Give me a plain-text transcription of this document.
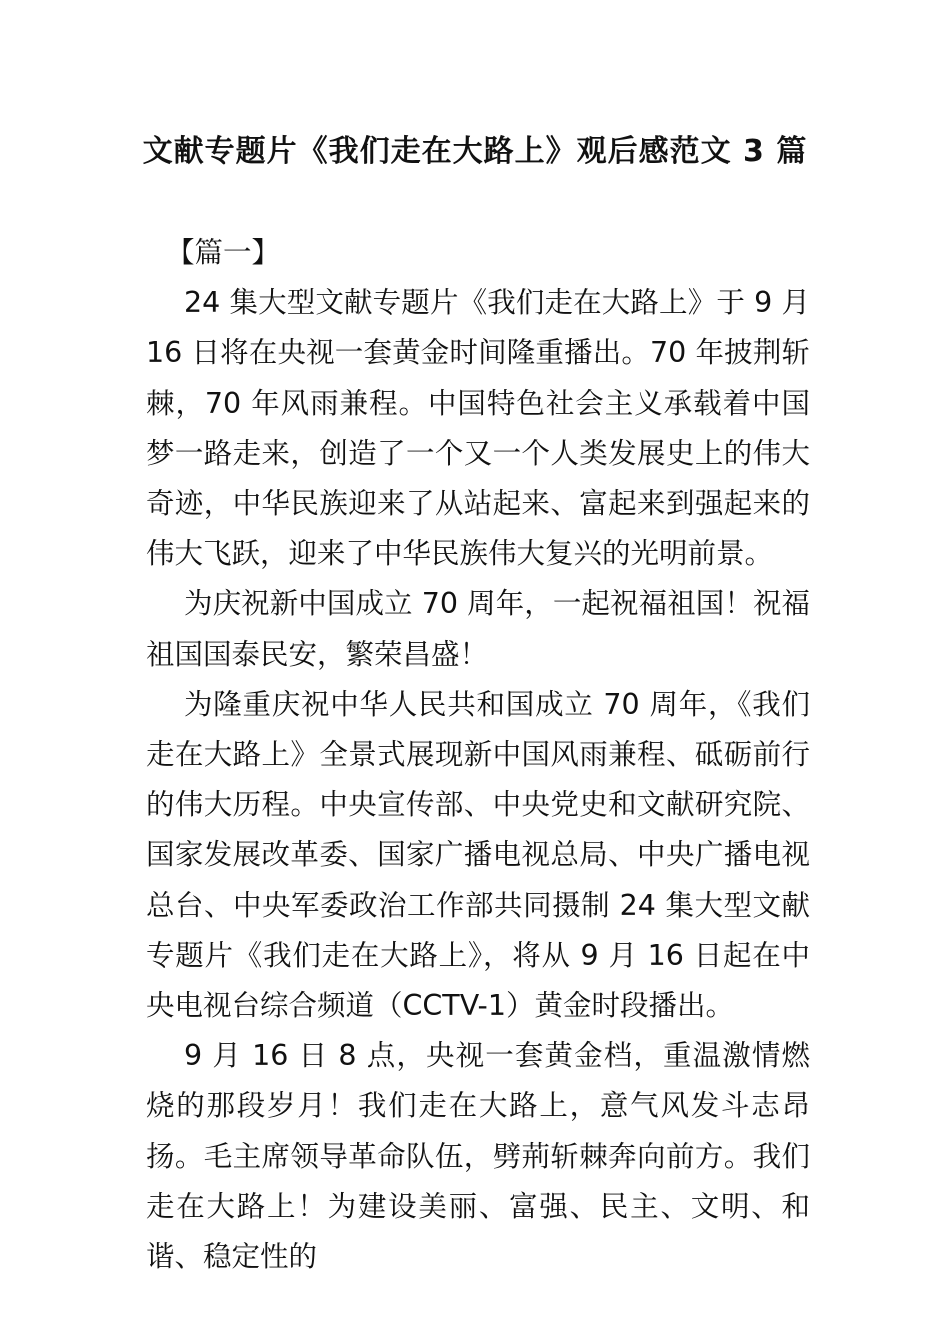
文献专题片《我们走在大路上》观后感范文 3 篇

【篇一】

24 集大型文献专题片《我们走在大路上》于 9 月 16 日将在央视一套黄金时间隆重播出。70 年披荆斩棘，70 年风雨兼程。中国特色社会主义承载着中国梦一路走来，创造了一个又一个人类发展史上的伟大奇迹，中华民族迎来了从站起来、富起来到强起来的伟大飞跃，迎来了中华民族伟大复兴的光明前景。

为庆祝新中国成立 70 周年，一起祝福祖国！祝福祖国国泰民安，繁荣昌盛！

为隆重庆祝中华人民共和国成立 70 周年，《我们走在大路上》全景式展现新中国风雨兼程、砥砺前行的伟大历程。中央宣传部、中央党史和文献研究院、国家发展改革委、国家广播电视总局、中央广播电视总台、中央军委政治工作部共同摄制 24 集大型文献专题片《我们走在大路上》，将从 9 月 16 日起在中央电视台综合频道（CCTV-1）黄金时段播出。

9 月 16 日 8 点，央视一套黄金档，重温激情燃烧的那段岁月！我们走在大路上，意气风发斗志昂扬。毛主席领导革命队伍，劈荊斩棘奔向前方。我们走在大路上！为建设美丽、富强、民主、文明、和谐、稳定性的
